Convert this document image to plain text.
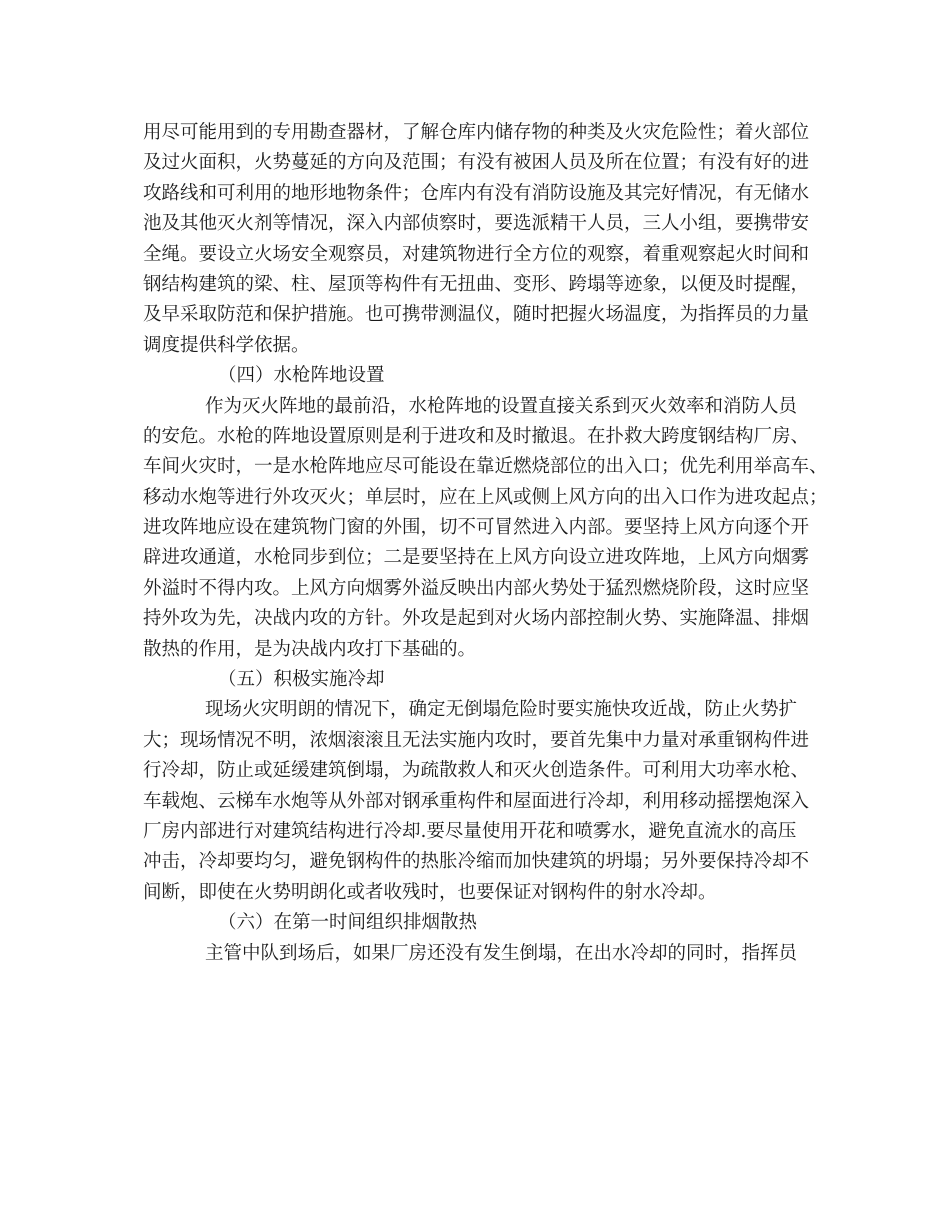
用尽可能用到的专用勘查器材，了解仓库内储存物的种类及火灾危险性；着火部位
及过火面积，火势蔓延的方向及范围；有没有被困人员及所在位置；有没有好的进
攻路线和可利用的地形地物条件；仓库内有没有消防设施及其完好情况，有无储水
池及其他灭火剂等情况，深入内部侦察时，要选派精干人员，三人小组，要携带安
全绳。要设立火场安全观察员，对建筑物进行全方位的观察，着重观察起火时间和
钢结构建筑的梁、柱、屋顶等构件有无扭曲、变形、跨塌等迹象，以便及时提醒，
及早采取防范和保护措施。也可携带测温仪，随时把握火场温度，为指挥员的力量
调度提供科学依据。
（四）水枪阵地设置
作为灭火阵地的最前沿，水枪阵地的设置直接关系到灭火效率和消防人员
的安危。水枪的阵地设置原则是利于进攻和及时撤退。在扑救大跨度钢结构厂房、
车间火灾时，一是水枪阵地应尽可能设在靠近燃烧部位的出入口；优先利用举高车、
移动水炮等进行外攻灭火；单层时，应在上风或侧上风方向的出入口作为进攻起点；
进攻阵地应设在建筑物门窗的外围，切不可冒然进入内部。要坚持上风方向逐个开
辟进攻通道，水枪同步到位；二是要坚持在上风方向设立进攻阵地，上风方向烟雾
外溢时不得内攻。上风方向烟雾外溢反映出内部火势处于猛烈燃烧阶段，这时应坚
持外攻为先，决战内攻的方针。外攻是起到对火场内部控制火势、实施降温、排烟
散热的作用，是为决战内攻打下基础的。
（五）积极实施冷却
现场火灾明朗的情况下，确定无倒塌危险时要实施快攻近战，防止火势扩
大；现场情况不明，浓烟滚滚且无法实施内攻时，要首先集中力量对承重钢构件进
行冷却，防止或延缓建筑倒塌，为疏散救人和灭火创造条件。可利用大功率水枪、
车载炮、云梯车水炮等从外部对钢承重构件和屋面进行冷却，利用移动摇摆炮深入
厂房内部进行对建筑结构进行冷却.要尽量使用开花和喷雾水，避免直流水的高压
冲击，冷却要均匀，避免钢构件的热胀冷缩而加快建筑的坍塌；另外要保持冷却不
间断，即使在火势明朗化或者收残时，也要保证对钢构件的射水冷却。
（六）在第一时间组织排烟散热
主管中队到场后，如果厂房还没有发生倒塌，在出水冷却的同时，指挥员
